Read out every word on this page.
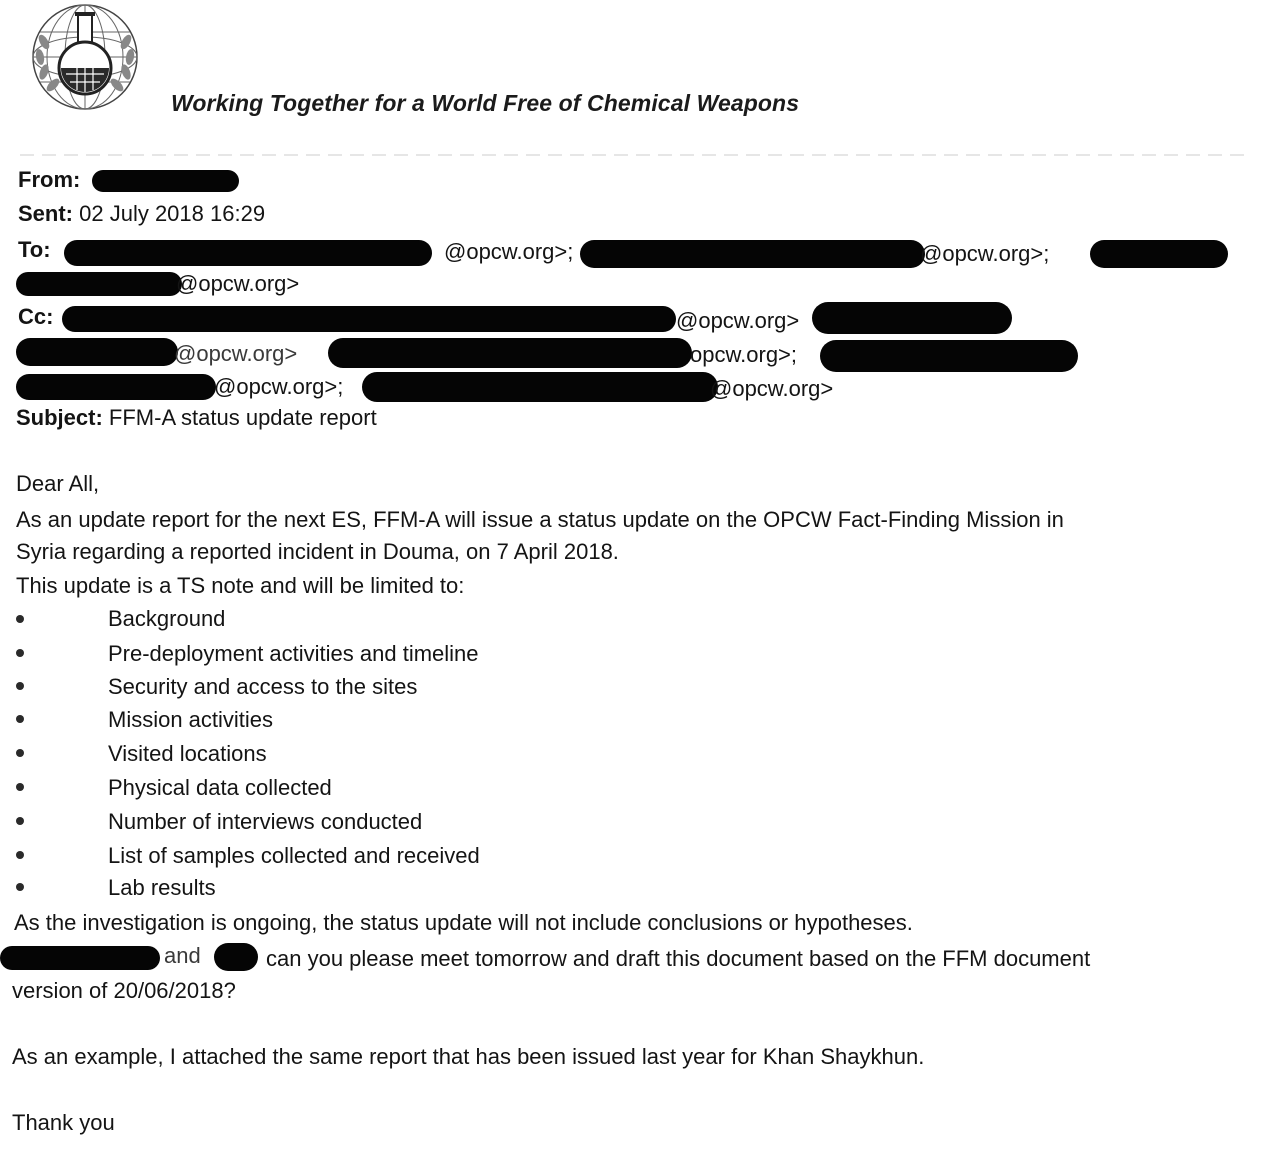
Working Together for a World Free of Chemical Weapons
From:
Sent: 02 July 2018 16:29
To:	@opcw.org>;	@opcw.org>;
@opcw.org>
Cc:	@opcw.org>
@opcw.org>	opcw.org>;
@opcw.org>;	@opcw.org>
Subject: FFM-A status update report
Dear All,
As an update report for the next ES, FFM-A will issue a status update on the OPCW Fact-Finding Mission in
Syria regarding a reported incident in Douma, on 7 April 2018.
This update is a TS note and will be limited to:
Background
Pre-deployment activities and timeline
Security and access to the sites
Mission activities
Visited locations
Physical data collected
Number of interviews conducted
List of samples collected and received
Lab results
As the investigation is ongoing, the status update will not include conclusions or hypotheses.
and	can you please meet tomorrow and draft this document based on the FFM document
version of 20/06/2018?
As an example, I attached the same report that has been issued last year for Khan Shaykhun.
Thank you
